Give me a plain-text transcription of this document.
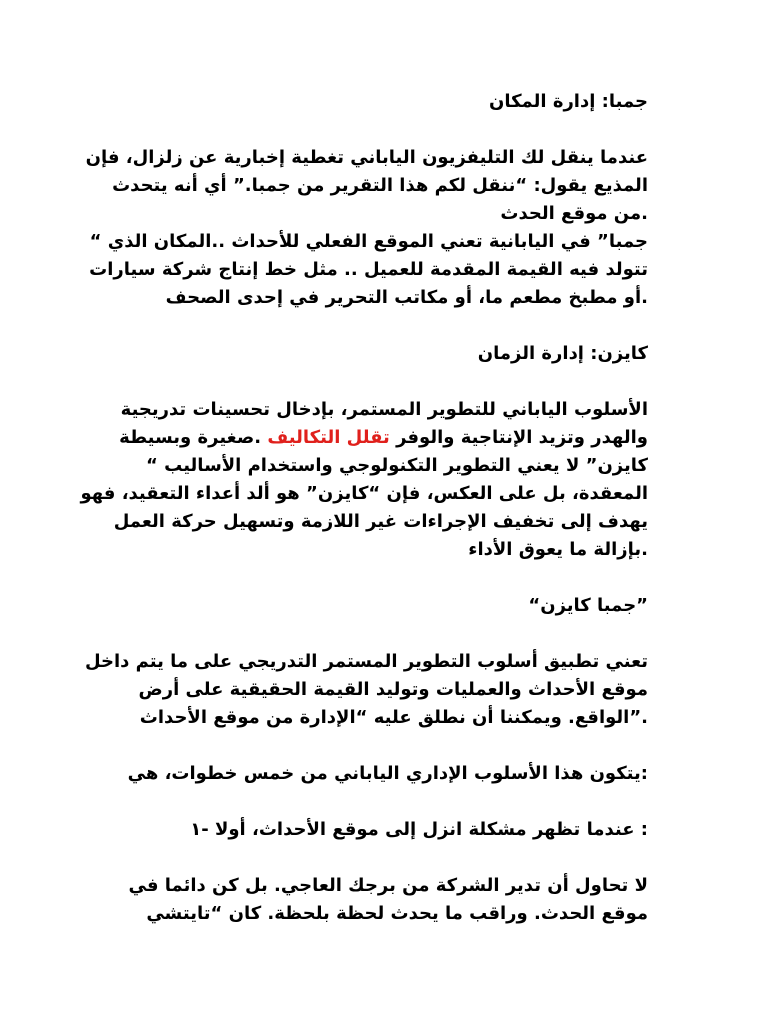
جمبا: إدارة المكان
عندما ينقل لك التليفزيون الياباني تغطية إخبارية عن زلزال، فإن
المذيع يقول: “ننقل لكم هذا التقرير من جمبا.” أي أنه يتحدث
.من موقع الحدث
جمبا” في اليابانية تعني الموقع الفعلي للأحداث ..المكان الذي “
تتولد فيه القيمة المقدمة للعميل .. مثل خط إنتاج شركة سيارات
.أو مطبخ مطعم ما، أو مكاتب التحرير في إحدى الصحف
كايزن: إدارة الزمان
الأسلوب الياباني للتطوير المستمر، بإدخال تحسينات تدريجية
والهدر وتزيد الإنتاجية والوفر تقلل التكاليف .صغيرة وبسيطة
كايزن” لا يعني التطوير التكنولوجي واستخدام الأساليب “
المعقدة، بل على العكس، فإن “كايزن” هو ألد أعداء التعقيد، فهو
يهدف إلى تخفيف الإجراءات غير اللازمة وتسهيل حركة العمل
.بإزالة ما يعوق الأداء
”جمبا كايزن“
تعني تطبيق أسلوب التطوير المستمر التدريجي على ما يتم داخل
موقع الأحداث والعمليات وتوليد القيمة الحقيقية على أرض
.”الواقع. ويمكننا أن نطلق عليه “الإدارة من موقع الأحداث
:يتكون هذا الأسلوب الإداري الياباني من خمس خطوات، هي
: عندما تظهر مشكلة انزل إلى موقع الأحداث، أولا -١
لا تحاول أن تدير الشركة من برجك العاجي. بل كن دائما في
موقع الحدث. وراقب ما يحدث لحظة بلحظة. كان “تايتشي
